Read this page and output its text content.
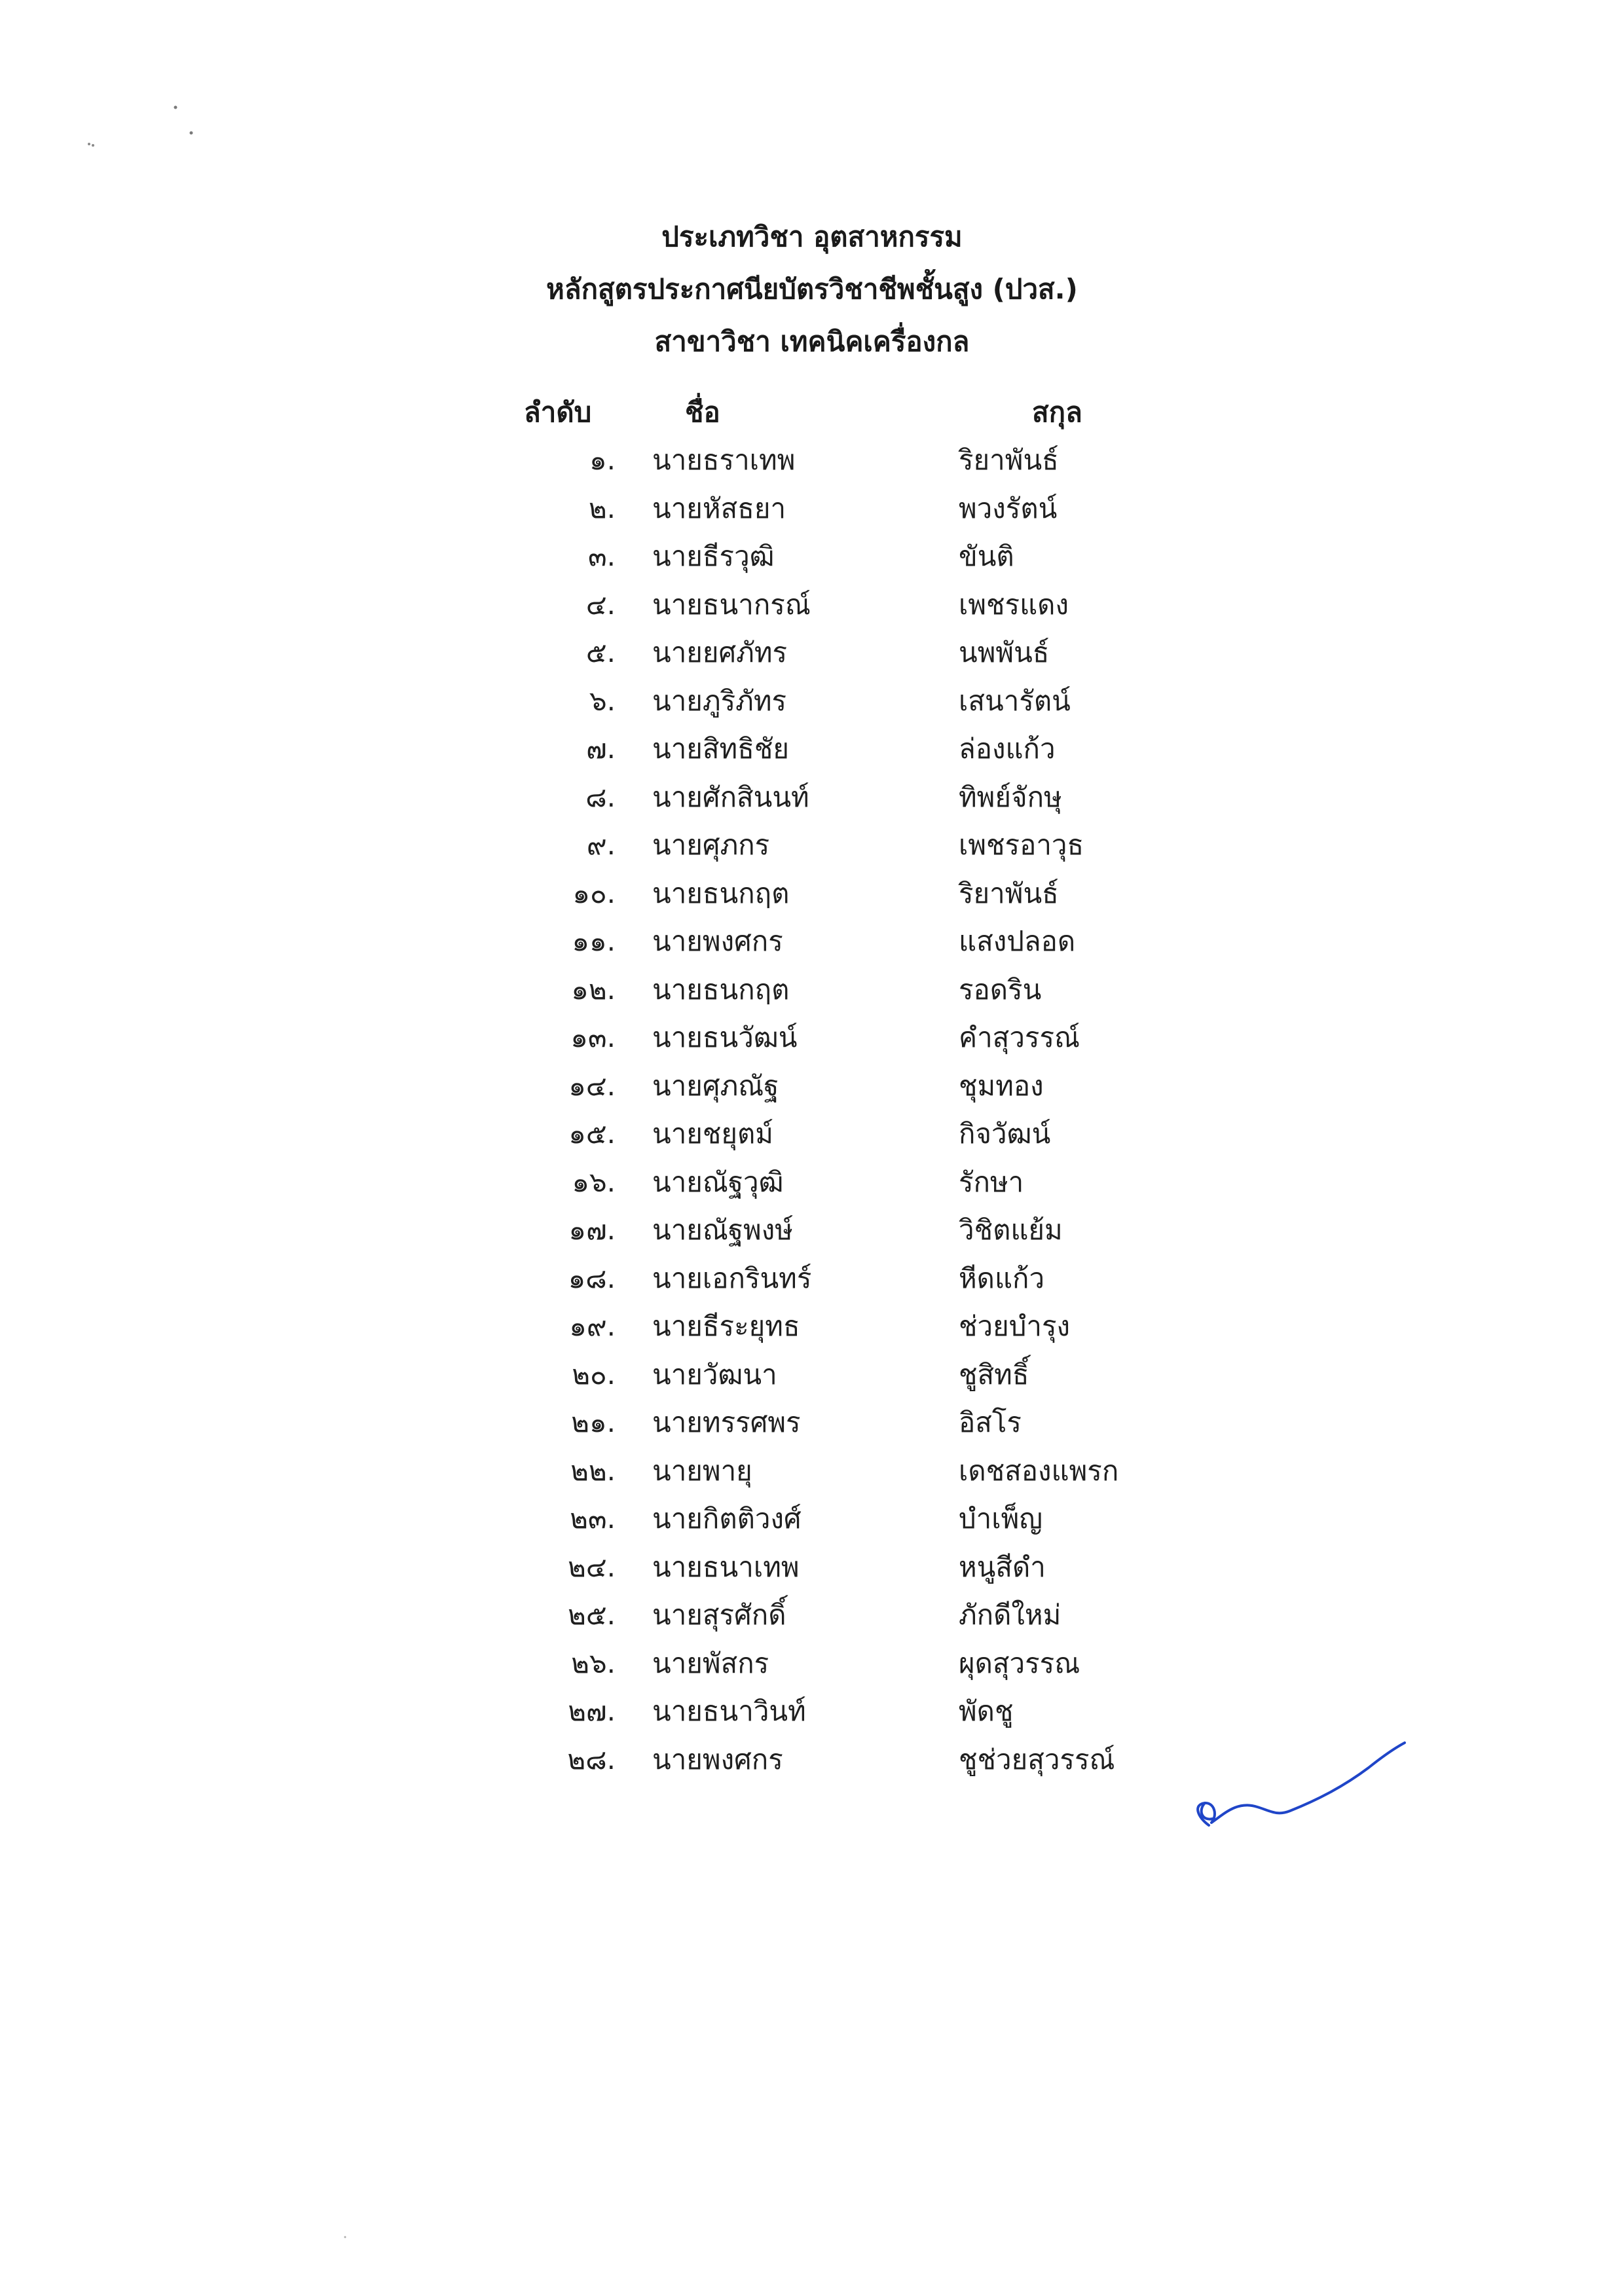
ประเภทวิชา อุตสาหกรรม
หลักสูตรประกาศนียบัตรวิชาชีพชั้นสูง (ปวส.)
สาขาวิชา เทคนิคเครื่องกล
ลำดับ	ชื่อ	สกุล
๑. นายธราเทพ	ริยาพันธ์
๒. นายหัสธยา	พวงรัตน์
๓. นายธีรวุฒิ	ขันติ
๔. นายธนากรณ์	เพชรแดง
๕. นายยศภัทร	นพพันธ์
๖. นายภูริภัทร	เสนารัตน์
๗. นายสิทธิชัย	ล่องแก้ว
๘. นายศักสินนท์	ทิพย์จักษุ
๙. นายศุภกร	เพชรอาวุธ
๑๐. นายธนกฤต	ริยาพันธ์
๑๑. นายพงศกร	แสงปลอด
๑๒. นายธนกฤต	รอดริน
๑๓. นายธนวัฒน์	คำสุวรรณ์
๑๔. นายศุภณัฐ	ชุมทอง
๑๕. นายชยุตม์	กิจวัฒน์
๑๖. นายณัฐวุฒิ	รักษา
๑๗. นายณัฐพงษ์	วิชิตแย้ม
๑๘. นายเอกรินทร์	หีดแก้ว
๑๙. นายธีระยุทธ	ช่วยบำรุง
๒๐. นายวัฒนา	ชูสิทธิ์
๒๑. นายทรรศพร	อิสโร
๒๒. นายพายุ	เดชสองแพรก
๒๓. นายกิตติวงศ์	บำเพ็ญ
๒๔. นายธนาเทพ	หนูสีดำ
๒๕. นายสุรศักดิ์	ภักดีใหม่
๒๖. นายพัสกร	ผุดสุวรรณ
๒๗. นายธนาวินท์	พัดชู
๒๘. นายพงศกร	ชูช่วยสุวรรณ์
